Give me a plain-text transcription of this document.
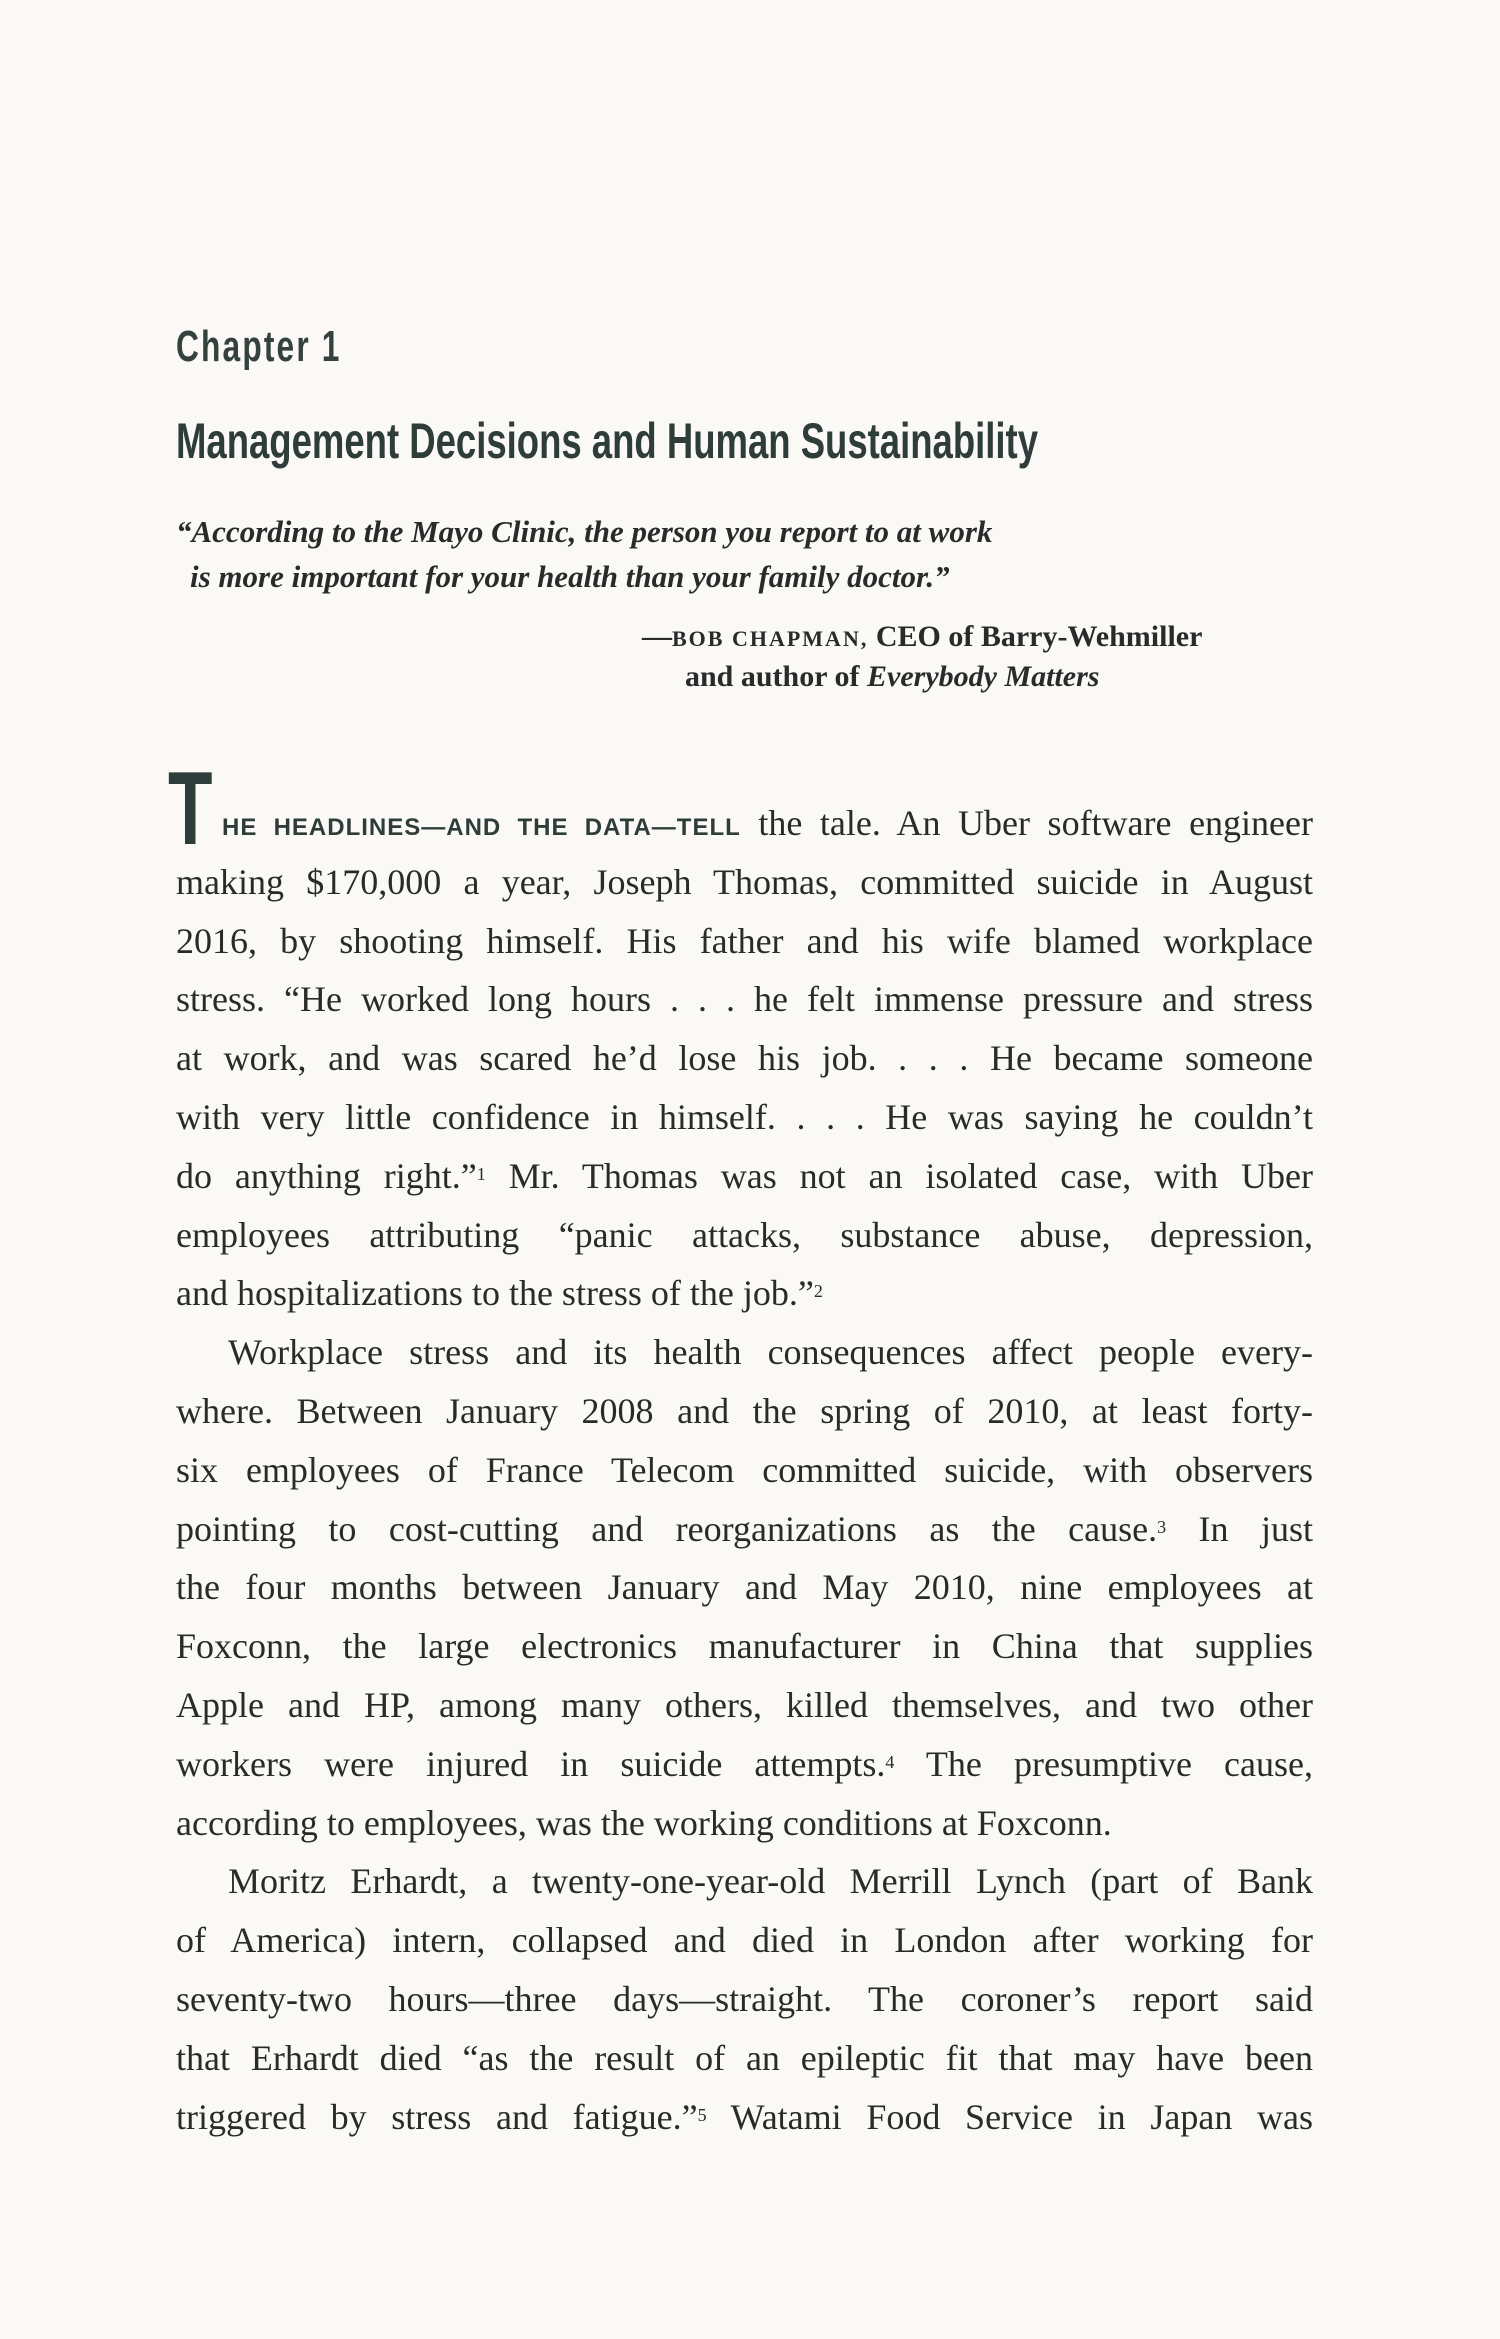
Chapter 1
Management Decisions and Human Sustainability
“According to the Mayo Clinic, the person you report to at work
is more important for your health than your family doctor.”
—BOB CHAPMAN, CEO of Barry-Wehmiller
and author of Everybody Matters
T HE HEADLINES—AND THE DATA—TELL the tale. An Uber software engineer
making $170,000 a year, Joseph Thomas, committed suicide in August
2016, by shooting himself. His father and his wife blamed workplace
stress. “He worked long hours . . . he felt immense pressure and stress
at work, and was scared he’d lose his job. . . . He became someone
with very little confidence in himself. . . . He was saying he couldn’t
do anything right.”$^1$ Mr. Thomas was not an isolated case, with Uber
employees attributing “panic attacks, substance abuse, depression,
and hospitalizations to the stress of the job.”$^2$
Workplace stress and its health consequences affect people every-
where. Between January 2008 and the spring of 2010, at least forty-
six employees of France Telecom committed suicide, with observers
pointing to cost-cutting and reorganizations as the cause.$^3$ In just
the four months between January and May 2010, nine employees at
Foxconn, the large electronics manufacturer in China that supplies
Apple and HP, among many others, killed themselves, and two other
workers were injured in suicide attempts.$^4$ The presumptive cause,
according to employees, was the working conditions at Foxconn.
Moritz Erhardt, a twenty-one-year-old Merrill Lynch (part of Bank
of America) intern, collapsed and died in London after working for
seventy-two hours—three days—straight. The coroner’s report said
that Erhardt died “as the result of an epileptic fit that may have been
triggered by stress and fatigue.”$^5$ Watami Food Service in Japan was
